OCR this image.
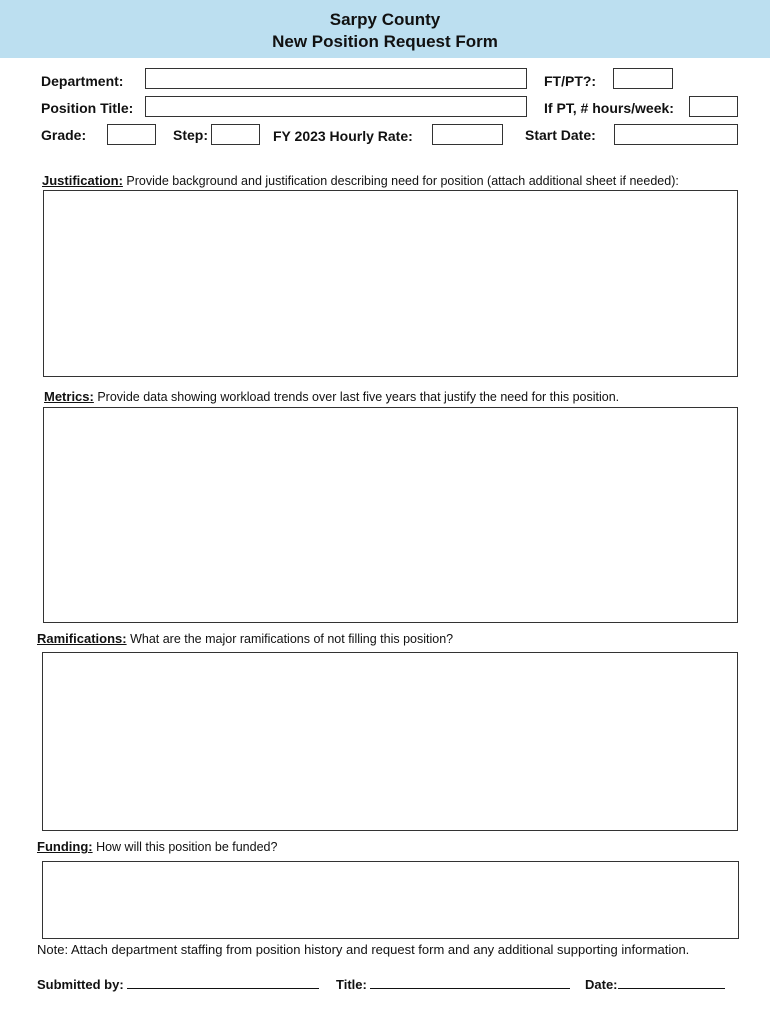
Sarpy County
New Position Request Form
Department:	FT/PT?:
Position Title:	If PT, # hours/week:
Grade:	Step:	FY 2023 Hourly Rate:	Start Date:
Justification: Provide background and justification describing need for position (attach additional sheet if needed):
Metrics: Provide data showing workload trends over last five years that justify the need for this position.
Ramifications: What are the major ramifications of not filling this position?
Funding: How will this position be funded?
Note: Attach department staffing from position history and request form and any additional supporting information.
Submitted by:	Title:	Date:
